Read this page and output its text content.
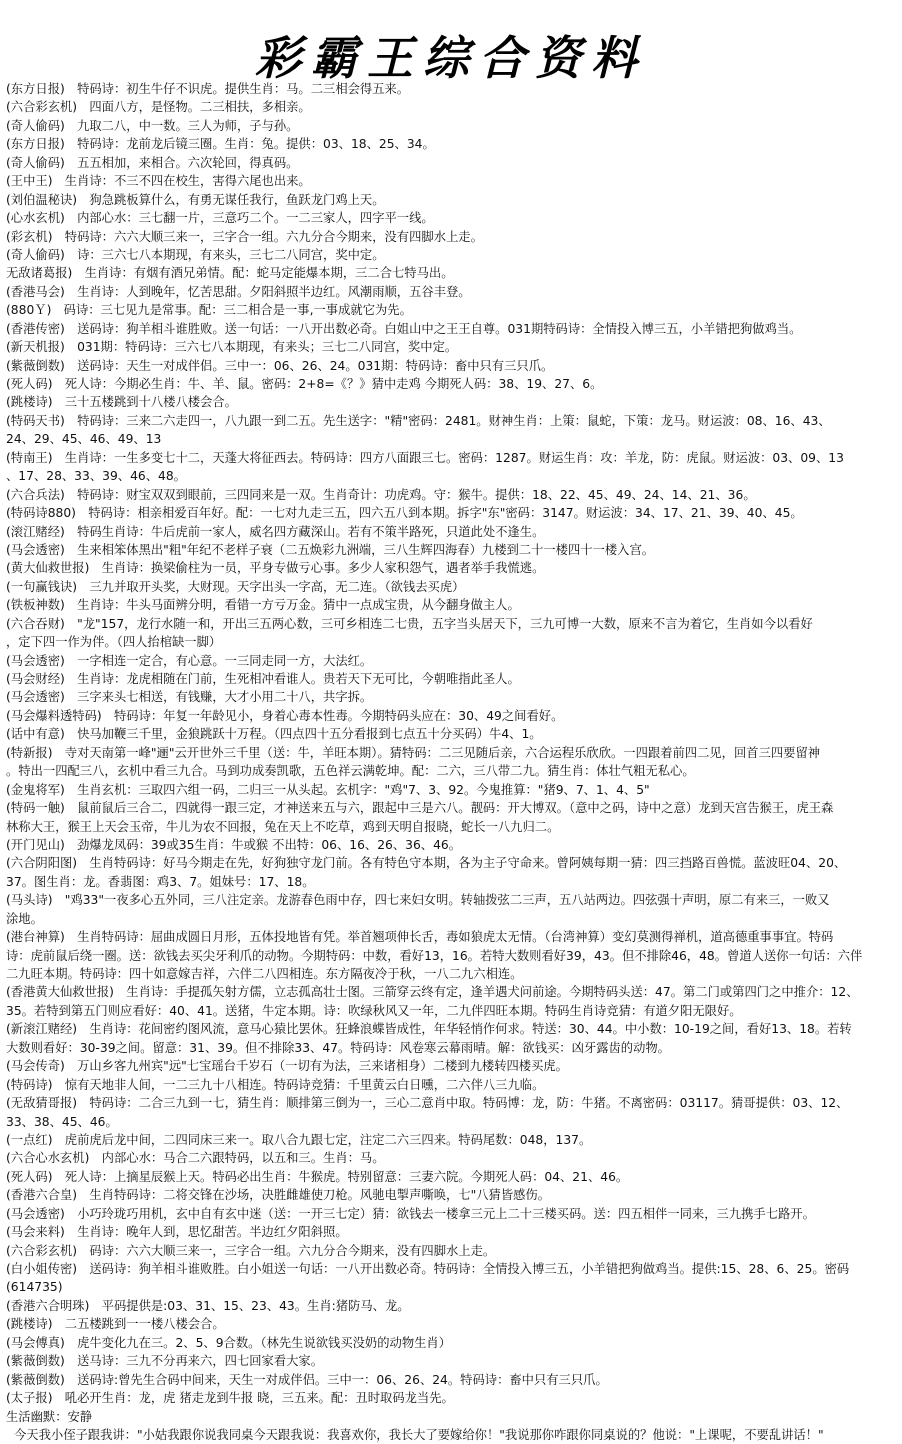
彩霸王综合资料
(东方日报)　特码诗：初生牛仔不识虎。提供生肖：马。二三相会得五来。
(六合彩玄机)　四面八方，是怪物。二三相扶，多相亲。
(奇人偷码)　九取二八，中一数。三人为师，子与孙。
(东方日报)　特码诗：龙前龙后镜三圈。生肖：兔。提供：03、18、25、34。
(奇人偷码)　五五相加，来相合。六次轮回，得真码。
(王中王)　生肖诗：不三不四在校生，害得六尾也出来。
(刘伯温秘诀)　狗急跳板算什么，有勇无谋任我行，鱼跃龙门鸡上天。
(心水玄机)　内部心水：三七翻一片，三意巧二个。一二三家人，四字平一线。
(彩玄机)　特码诗：六六大顺三来一，三字合一组。六九分合今期来，没有四脚水上走。
(奇人偷码)　诗：三六七八本期现，有来头，三七二八同宫，奖中定。
无敌诸葛报)　生肖诗：有烟有酒兄弟情。配：蛇马定能爆本期，三二合七特马出。
(香港马会)　生肖诗：人到晚年，忆苦思甜。夕阳斜照半边红。风潮雨顺，五谷丰登。
(880Ｙ)　码诗：三七见九是常事。配：三二相合是一事,一事成就它为先。
(香港传密)　送码诗：狗羊相斗谁胜败。送一句话：一八开出数必奇。白姐山中之王王自尊。031期特码诗：全情投入博三五，小羊错把狗做鸡当。
(新天机报)　031期：特码诗：三六七八本期现，有来头；三七二八同宫，奖中定。
(紫薇倒数)　送码诗：天生一对成伴侣。三中一：06、26、24。031期：特码诗：畜中只有三只爪。
(死人码)　死人诗：今期必生肖：牛、羊、鼠。密码：2+8=《？》猜中走鸡 今期死人码：38、19、27、6。
(跳楼诗)　三十五楼跳到十八楼八楼会合。
(特码天书)　特码诗：三来二六走四一，八九跟一到二五。先生送字："精"密码：2481。财神生肖：上策：鼠蛇，下策：龙马。财运波：08、16、43、
24、29、45、46、49、13
(特南王)　生肖诗：一生多变七十二，天蓬大将征西去。特码诗：四方八面跟三七。密码：1287。财运生肖：攻：羊龙，防：虎鼠。财运波：03、09、13
、17、28、33、39、46、48。
(六合兵法)　特码诗：财宝双双到眼前，三四同来是一双。生肖奇计：功虎鸡。守：猴牛。提供：18、22、45、49、24、14、21、36。
(特码诗880)　特码诗：相亲相爱百年好。配：一七对九走三五，四六五八到本期。拆字"东"密码：3147。财运波：34、17、21、39、40、45。
(滚江赌经)　特码生肖诗：牛后虎前一家人，威名四方藏深山。若有不策半路死，只道此处不逢生。
(马会透密)　生来相笨体黑出"粗"年纪不老样子衰（二五焕彩九洲端，三八生辉四海春）九楼到二十一楼四十一楼入宫。
(黄大仙救世报)　生肖诗：换梁偷柱为一员，平身专做亏心事。多少人家积怨气，遇者举手我慌逃。
(一句赢钱诀)　三九并取开头奖，大财现。天字出头一字高，无二连。（欲钱去买虎）
(铁板神数)　生肖诗：牛头马面辨分明，看错一方亏万金。猜中一点成宝贵，从今翻身做主人。
(六合吞财)　"龙"157，龙行水随一和，开出三五两心数，三可乡相连二七贵，五字当头居天下，三九可博一大数，原来不言为着它，生肖如今以看好
，定下四一作为伴。（四人抬棺缺一脚）
(马会透密)　一字相连一定合，有心意。一三同走同一方，大法红。
(马会财经)　生肖诗：龙虎相随在门前，生死相冲看谁人。贵若天下无可比，今朝唯指此圣人。
(马会透密)　三字来头七相送，有钱赚，大才小用二十八，共字拆。
(马会爆料透特码)　特码诗：年复一年龄见小，身着心毒本性毒。今期特码头应在：30、49之间看好。
(话中有意)　快马加鞭三千里，金狼跳跃十万程。（四点四十五分看报到七点五十分买码）牛4、1。
(特新报)　寺对天南第一峰"逦"云开世外三千里（送：牛，羊旺本期）。猜特码：二三见随后亲，六合运程乐欣欣。一四跟着前四二见，回首三四要留神
。特出一四配三八，玄机中看三九合。马到功成奏凯歌，五色祥云满乾坤。配：二六，三八带二九。猜生肖：体壮气粗无私心。
(金鬼将军)　生肖玄机：三取四六组一码，二归三一从头起。玄机字："鸡"7、3、92。今鬼推算："猪9、7、1、4、5"
(特码一触)　鼠前鼠后三合二，四就得一跟三定，才神送来五与六，跟起中三是六八。靓码：开大博双。（意中之码，诗中之意）龙到天宫告猴王，虎王森
林称大王，猴王上天会玉帝，牛儿为农不回报，兔在天上不吃草，鸡到天明自报晓，蛇长一八九归二。
(开门见山)　劲爆龙凤码：39或35生肖：牛或猴 不出特：06、16、26、36、46。
(六合阴阳图)　生肖特码诗：好马今期走在先，好狗独守龙门前。各有特色守本期，各为主子守命来。曾阿姨每期一猜：四三挡路百兽慌。蓝波旺04、20、
37。图生肖：龙。香翡图：鸡3、7。姐妹号：17、18。
(马头诗)　"鸡33"一夜多心五外同，三八注定亲。龙游春色雨中存，四七来妇女明。转轴拨弦二三声，五八站两边。四弦强十声明，原二有来三，一败又
涂地。
(港台神算)　生肖特码诗：屈曲成圆日月形，五体投地皆有凭。举首翘项伸长舌，毒如狼虎太无情。（台湾神算）变幻莫测得禅机，道高德重事事宜。特码
诗：虎前鼠后绕一圈。送：欲钱去买尖牙利爪的动物。今期特码：中数，看好13，16。若特大数则看好39，43。但不排除46，48。曾道人送你一句话：六伴
二九旺本期。特码诗：四十如意嫁吉祥，六伴二八四相连。东方隔夜冷于秋，一八二九六相连。
(香港黄大仙救世报)　生肖诗：手提孤矢射方儒，立志孤高壮士图。三箭穿云终有定，逢羊遇犬问前途。今期特码头送：47。第二门或第四门之中推介：12、
35。若特到第五门则应看好：40、41。送猪，牛定本期。诗：吹绿秋风又一年，二九伴四旺本期。特码生肖诗竞猜：有道夕阳无限好。
(新滚江赌经)　生肖诗：花间密约图风流，意马心猿比罢休。狂蜂浪蝶皆成性，年华轻悄作何求。特送：30、44。中小数：10-19之间，看好13、18。若转
大数则看好：30-39之间。留意：31、39。但不排除33、47。特码诗：风卷寒云幕雨晴。解：欲钱买：凶牙露齿的动物。
(马会传奇)　万山乡客九州宾"远"七宝瑶台千岁石（一切有为法，三来诸相身）二楼到九楼转四楼买虎。
(特码诗)　惊有天地非人间，一二三九十八相连。特码诗竞猜：千里黄云白日曛，二六伴八三九临。
(无敌猜哥报)　特码诗：二合三九到一七，猜生肖：顺排第三倒为一，三心二意肖中取。特码博：龙，防：牛猪。不离密码：03117。猜哥提供：03、12、
33、38、45、46。
(一点红)　虎前虎后龙中间，二四同床三来一。取八合九跟七定，注定二六三四来。特码尾数：048，137。
(六合心水玄机)　内部心水：马合二六跟特码，以五和三。生肖：马。
(死人码)　死人诗：上摘星辰猴上天。特码必出生肖：牛猴虎。特别留意：三妻六院。今期死人码：04、21、46。
(香港六合皇)　生肖特码诗：二将交锋在沙场，决胜雌雄使刀枪。风驰电掣声嘶唤，七"八猜皆感伤。
(马会透密)　小巧玲珑巧用机，玄中自有玄中迷（送：一开三七定）猜：欲钱去一楼拿三元上二十三楼买码。送：四五相伴一同来，三九携手七路开。
(马会来料)　生肖诗：晚年人到，思忆甜苦。半边红夕阳斜照。
(六合彩玄机)　码诗：六六大顺三来一，三字合一组。六九分合今期来，没有四脚水上走。
(白小姐传密)　送码诗：狗羊相斗谁败胜。白小姐送一句话：一八开出数必奇。特码诗：全情投入博三五，小羊错把狗做鸡当。提供:15、28、6、25。密码
(614735)
(香港六合明珠)　平码提供是:03、31、15、23、43。生肖:猪防马、龙。
(跳楼诗)　二五楼跳到一一楼八楼会合。
(马会傅真)　虎牛变化九在三。2、5、9合数。（林先生说欲钱买没奶的动物生肖）
(紫薇倒数)　送马诗：三九不分再来六，四七回家看大家。
(紫薇倒数)　送码诗:曾先生合码中间来，天生一对成伴侣。三中一：06、26、24。特码诗：畜中只有三只爪。
(太子报)　吼必开生肖：龙，虎 猪走龙到牛报 晓，三五来。配：丑时取码龙当先。
生活幽默：安静
今天我小侄子跟我讲："小姑我跟你说我同桌今天跟我说：我喜欢你，我长大了要嫁给你！"我说那你咋跟你同桌说的？他说："上课呢，不要乱讲话！"
